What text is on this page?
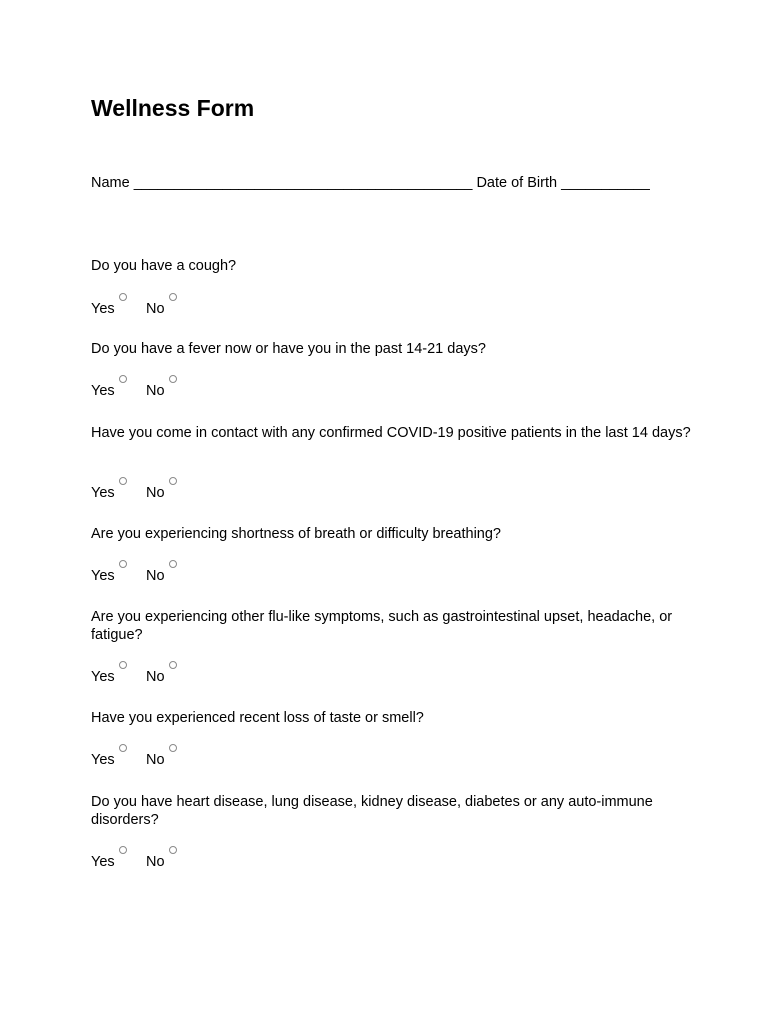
Wellness Form
Name __________________________________________ Date of Birth ___________
Do you have a cough?
Yes No
Do you have a fever now or have you in the past 14-21 days?
Yes No
Have you come in contact with any confirmed COVID-19 positive patients in the last 14 days?
Yes No
Are you experiencing shortness of breath or difficulty breathing?
Yes No
Are you experiencing other flu-like symptoms, such as gastrointestinal upset, headache, or fatigue?
Yes No
Have you experienced recent loss of taste or smell?
Yes No
Do you have heart disease, lung disease, kidney disease, diabetes or any auto-immune disorders?
Yes No
